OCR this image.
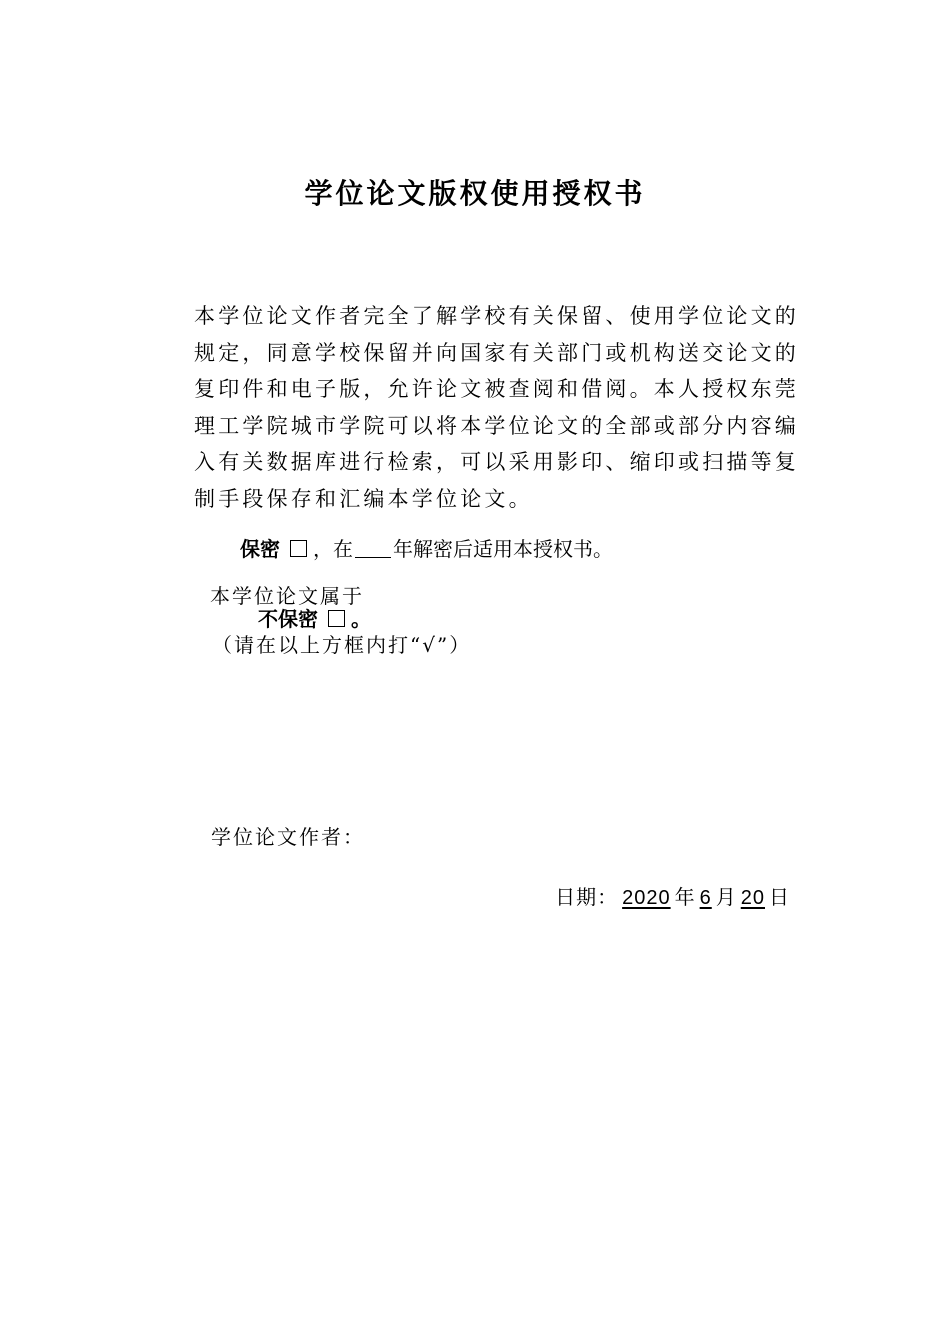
学位论文版权使用授权书
本学位论文作者完全了解学校有关保留、使用学位论文的
规定，同意学校保留并向国家有关部门或机构送交论文的
复印件和电子版，允许论文被查阅和借阅。本人授权东莞
理工学院城市学院可以将本学位论文的全部或部分内容编
入有关数据库进行检索，可以采用影印、缩印或扫描等复
制手段保存和汇编本学位论文。
保密 ，在 年解密后适用本授权书。
本学位论文属于
不保密 。
（请在以上方框内打“√”）
学位论文作者：
日期： 2020 年 6 月 20 日
